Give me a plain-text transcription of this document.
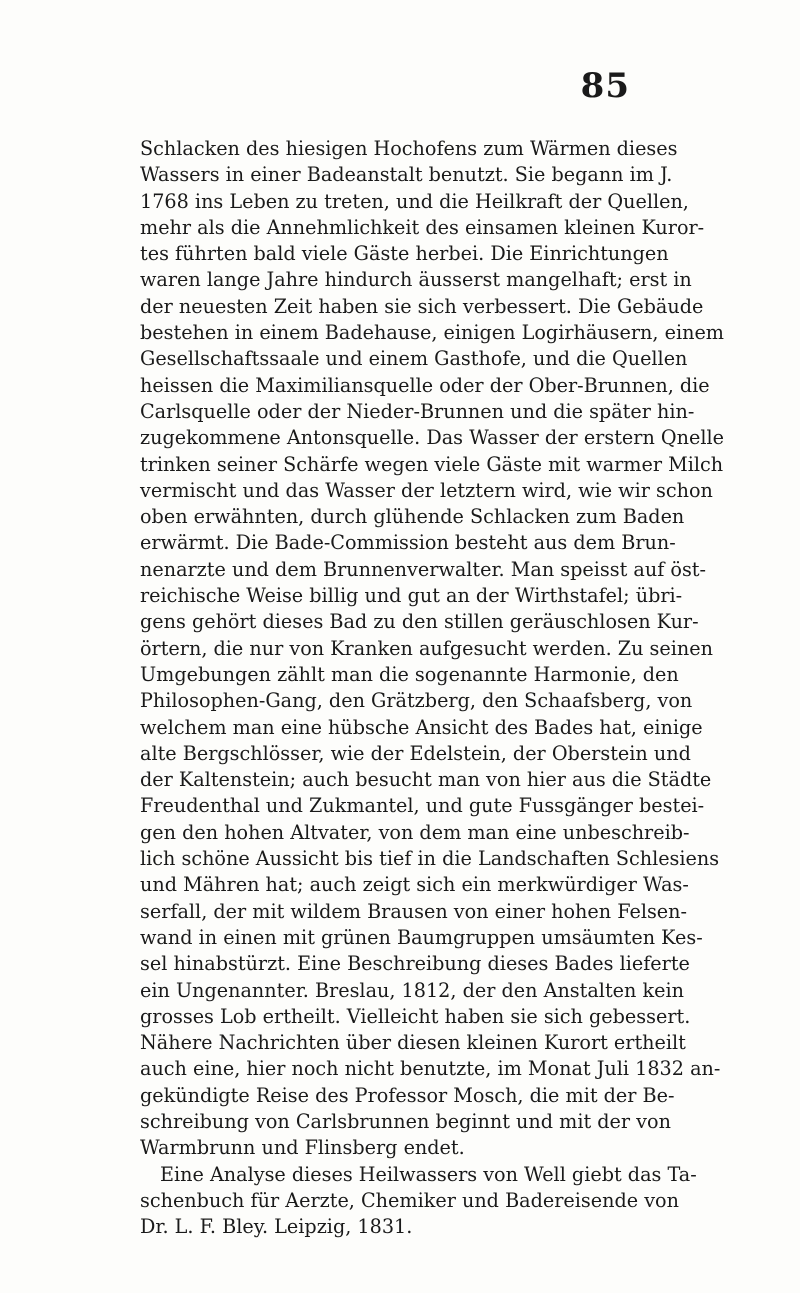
85
Schlacken des hiesigen Hochofens zum Wärmen dieses
Wassers in einer Badeanstalt benutzt. Sie begann im J.
1768 ins Leben zu treten, und die Heilkraft der Quellen,
mehr als die Annehmlichkeit des einsamen kleinen Kuror-
tes führten bald viele Gäste herbei. Die Einrichtungen
waren lange Jahre hindurch äusserst mangelhaft; erst in
der neuesten Zeit haben sie sich verbessert. Die Gebäude
bestehen in einem Badehause, einigen Logirhäusern, einem
Gesellschaftssaale und einem Gasthofe, und die Quellen
heissen die Maximiliansquelle oder der Ober-Brunnen, die
Carlsquelle oder der Nieder-Brunnen und die später hin-
zugekommene Antonsquelle. Das Wasser der erstern Qnelle
trinken seiner Schärfe wegen viele Gäste mit warmer Milch
vermischt und das Wasser der letztern wird, wie wir schon
oben erwähnten, durch glühende Schlacken zum Baden
erwärmt. Die Bade-Commission besteht aus dem Brun-
nenarzte und dem Brunnenverwalter. Man speisst auf öst-
reichische Weise billig und gut an der Wirthstafel; übri-
gens gehört dieses Bad zu den stillen geräuschlosen Kur-
örtern, die nur von Kranken aufgesucht werden. Zu seinen
Umgebungen zählt man die sogenannte Harmonie, den
Philosophen-Gang, den Grätzberg, den Schaafsberg, von
welchem man eine hübsche Ansicht des Bades hat, einige
alte Bergschlösser, wie der Edelstein, der Oberstein und
der Kaltenstein; auch besucht man von hier aus die Städte
Freudenthal und Zukmantel, und gute Fussgänger bestei-
gen den hohen Altvater, von dem man eine unbeschreib-
lich schöne Aussicht bis tief in die Landschaften Schlesiens
und Mähren hat; auch zeigt sich ein merkwürdiger Was-
serfall, der mit wildem Brausen von einer hohen Felsen-
wand in einen mit grünen Baumgruppen umsäumten Kes-
sel hinabstürzt. Eine Beschreibung dieses Bades lieferte
ein Ungenannter. Breslau, 1812, der den Anstalten kein
grosses Lob ertheilt. Vielleicht haben sie sich gebessert.
Nähere Nachrichten über diesen kleinen Kurort ertheilt
auch eine, hier noch nicht benutzte, im Monat Juli 1832 an-
gekündigte Reise des Professor Mosch, die mit der Be-
schreibung von Carlsbrunnen beginnt und mit der von
Warmbrunn und Flinsberg endet.
Eine Analyse dieses Heilwassers von Well giebt das Ta-
schenbuch für Aerzte, Chemiker und Badereisende von
Dr. L. F. Bley. Leipzig, 1831.
